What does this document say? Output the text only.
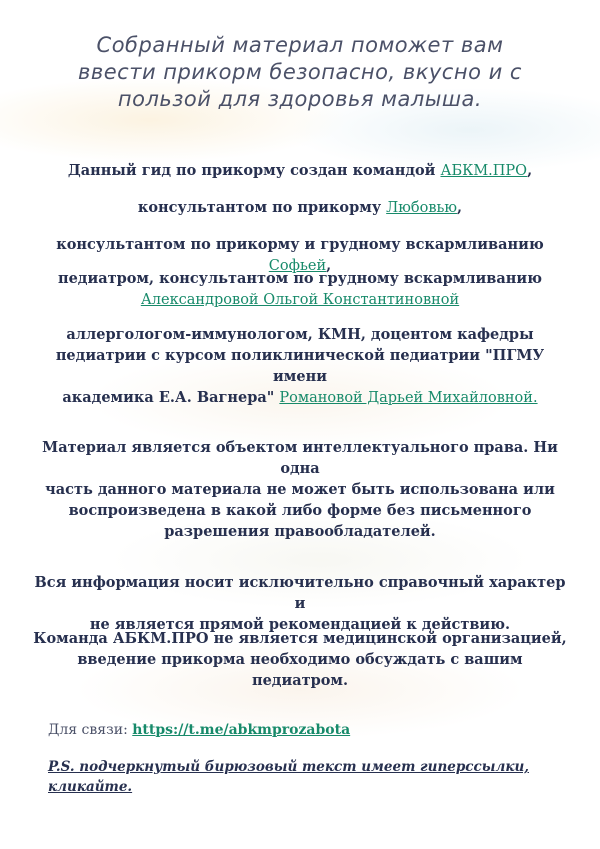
Собранный материал поможет вам
ввести прикорм безопасно, вкусно и с
пользой для здоровья малыша.
Данный гид по прикорму создан командой АБКМ.ПРО,
консультантом по прикорму Любовью,
консультантом по прикорму и грудному вскармливанию Софьей,
педиатром, консультантом по грудному вскармливанию
Александровой Ольгой Константиновной
аллергологом-иммунологом, КМН, доцентом кафедры
педиатрии с курсом поликлинической педиатрии "ПГМУ имени
академика Е.А. Вагнера" Романовой Дарьей Михайловной.
Материал является объектом интеллектуального права. Ни одна
часть данного материала не может быть использована или
воспроизведена в какой либо форме без письменного
разрешения правообладателей.
Вся информация носит исключительно справочный характер и
не является прямой рекомендацией к действию.
Команда АБКМ.ПРО не является медицинской организацией,
введение прикорма необходимо обсуждать с вашим педиатром.
Для связи: https://t.me/abkmprozabota
P.S. подчеркнутый бирюзовый текст имеет гиперссылки,
кликайте.
